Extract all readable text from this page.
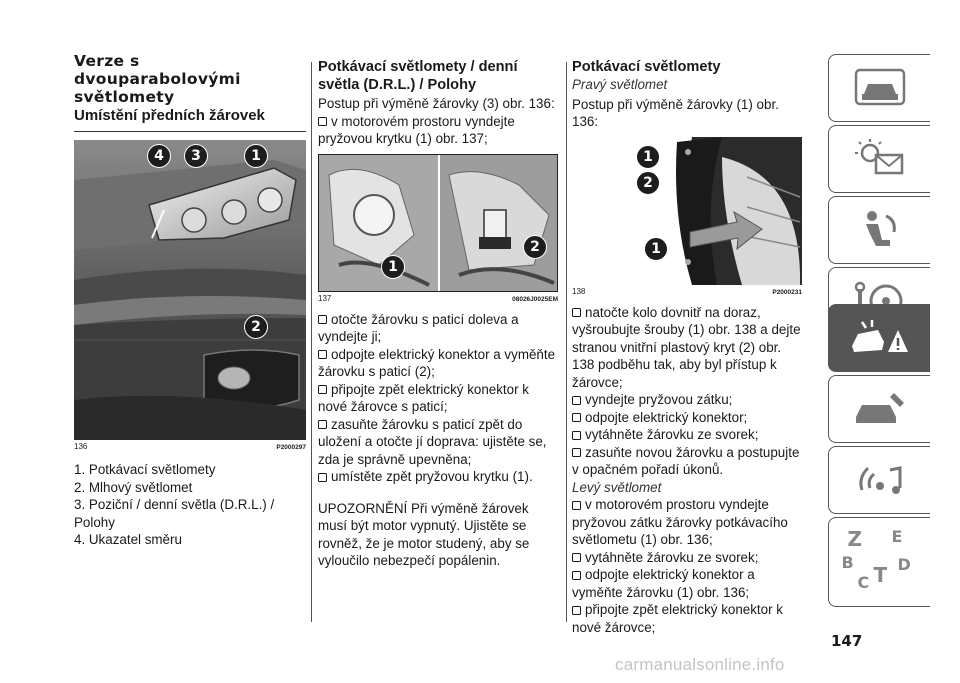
Verze s dvouparabolovými světlomety
Umístění předních žárovek
4	3	1
2
136	P2000297
1. Potkávací světlomety
2. Mlhový světlomet
3. Poziční / denní světla (D.R.L.) / Polohy
4. Ukazatel směru
Potkávací světlomety / denní světla (D.R.L.) / Polohy
Postup při výměně žárovky (3) obr. 136:
v motorovém prostoru vyndejte pryžovou krytku (1) obr. 137;
1
2
137	08026J0025EM
otočte žárovku s paticí doleva a vyndejte ji;
odpojte elektrický konektor a vyměňte žárovku s paticí (2);
připojte zpět elektrický konektor k nové žárovce s paticí;
zasuňte žárovku s paticí zpět do uložení a otočte jí doprava: ujistěte se, zda je správně upevněna;
umístěte zpět pryžovou krytku (1).
UPOZORNĚNÍ Při výměně žárovek musí být motor vypnutý. Ujistěte se rovněž, že je motor studený, aby se vyloučilo nebezpečí popálenin.
Potkávací světlomety
Pravý světlomet
Postup při výměně žárovky (1) obr. 136:
1
2
1
138	P2000231
natočte kolo dovnitř na doraz, vyšroubujte šrouby (1) obr. 138 a dejte stranou vnitřní plastový kryt (2) obr. 138 podběhu tak, aby byl přístup k žárovce;
vyndejte pryžovou zátku;
odpojte elektrický konektor;
vytáhněte žárovku ze svorek;
zasuňte novou žárovku a postupujte v opačném pořadí úkonů.
Levý světlomet
v motorovém prostoru vyndejte pryžovou zátku žárovky potkávacího světlometu (1) obr. 136;
vytáhněte žárovku ze svorek;
odpojte elektrický konektor a vyměňte žárovku (1) obr. 136;
připojte zpět elektrický konektor k nové žárovce;
Z E
B
T
C
D
147
carmanualsonline.info
